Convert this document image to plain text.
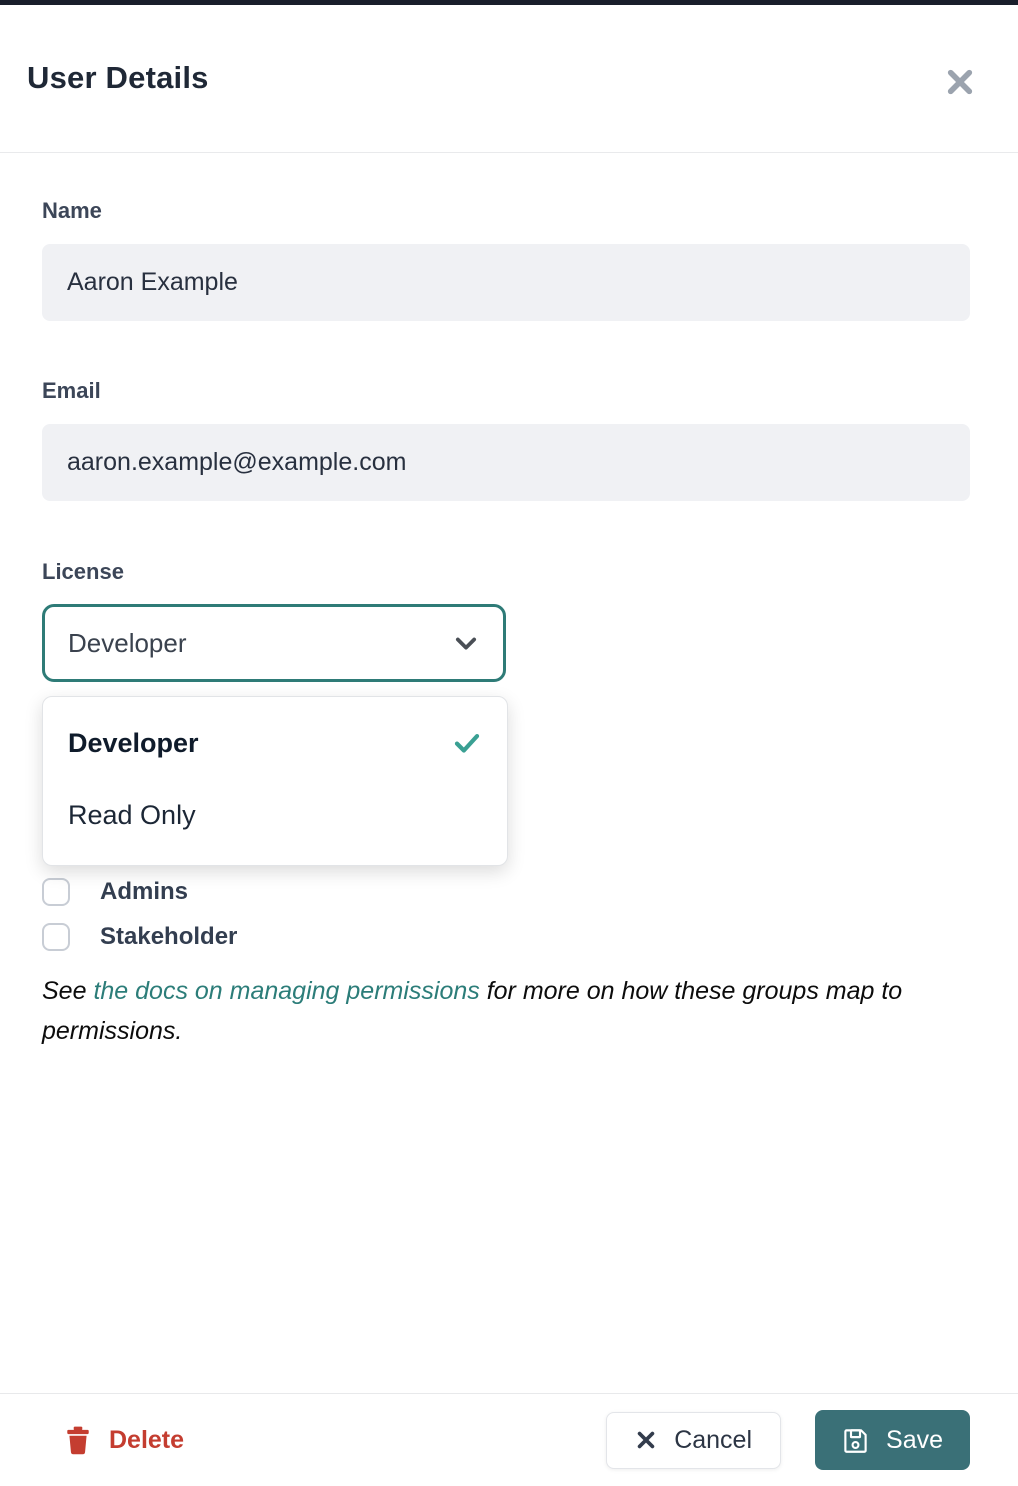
User Details
Name
Aaron Example
Email
aaron.example@example.com
License
Developer
Developer
Read Only
Admins
Stakeholder
See the docs on managing permissions for more on how these groups map to permissions.
Delete	Cancel	Save
